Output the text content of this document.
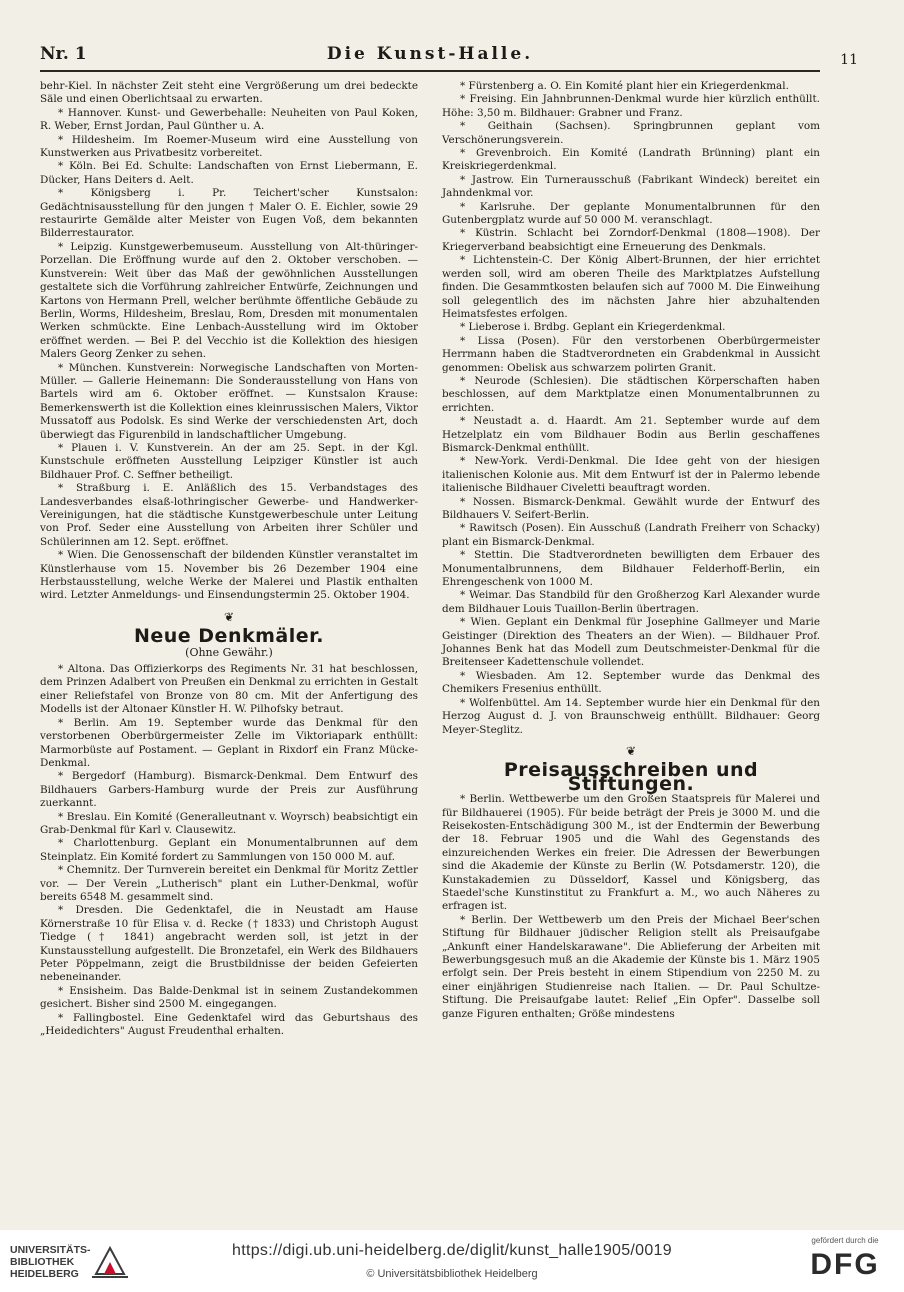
Nr. 1	Die Kunst-Halle.	11

behr-Kiel. In nächster Zeit steht eine Vergrößerung um drei bedeckte Säle und einen Oberlichtsaal zu erwarten.

* Hannover. Kunst- und Gewerbehalle: Neuheiten von Paul Koken, R. Weber, Ernst Jordan, Paul Günther u. A.

* Hildesheim. Im Roemer-Museum wird eine Ausstellung von Kunstwerken aus Privatbesitz vorbereitet.

* Köln. Bei Ed. Schulte: Landschaften von Ernst Liebermann, E. Dücker, Hans Deiters d. Aelt.

* Königsberg i. Pr. Teichert'scher Kunstsalon: Gedächtnisausstellung für den jungen † Maler O. E. Eichler, sowie 29 restaurirte Gemälde alter Meister von Eugen Voß, dem bekannten Bilderrestaurator.

* Leipzig. Kunstgewerbemuseum. Ausstellung von Alt-thüringer-Porzellan. Die Eröffnung wurde auf den 2. Oktober verschoben. — Kunstverein: Weit über das Maß der gewöhnlichen Ausstellungen gestaltete sich die Vorführung zahlreicher Entwürfe, Zeichnungen und Kartons von Hermann Prell, welcher berühmte öffentliche Gebäude zu Berlin, Worms, Hildesheim, Breslau, Rom, Dresden mit monumentalen Werken schmückte. Eine Lenbach-Ausstellung wird im Oktober eröffnet werden. — Bei P. del Vecchio ist die Kollektion des hiesigen Malers Georg Zenker zu sehen.

* München. Kunstverein: Norwegische Landschaften von Morten-Müller. — Gallerie Heinemann: Die Sonderausstellung von Hans von Bartels wird am 6. Oktober eröffnet. — Kunstsalon Krause: Bemerkenswerth ist die Kollektion eines kleinrussischen Malers, Viktor Mussatoff aus Podolsk. Es sind Werke der verschiedensten Art, doch überwiegt das Figurenbild in landschaftlicher Umgebung.

* Plauen i. V. Kunstverein. An der am 25. Sept. in der Kgl. Kunstschule eröffneten Ausstellung Leipziger Künstler ist auch Bildhauer Prof. C. Seffner betheiligt.

* Straßburg i. E. Anläßlich des 15. Verbandstages des Landesverbandes elsaß-lothringischer Gewerbe- und Handwerker-Vereinigungen, hat die städtische Kunstgewerbeschule unter Leitung von Prof. Seder eine Ausstellung von Arbeiten ihrer Schüler und Schülerinnen am 12. Sept. eröffnet.

* Wien. Die Genossenschaft der bildenden Künstler veranstaltet im Künstlerhause vom 15. November bis 26 Dezember 1904 eine Herbstausstellung, welche Werke der Malerei und Plastik enthalten wird. Letzter Anmeldungs- und Einsendungstermin 25. Oktober 1904.

❦
Neue Denkmäler.
(Ohne Gewähr.)

* Altona. Das Offizierkorps des Regiments Nr. 31 hat beschlossen, dem Prinzen Adalbert von Preußen ein Denkmal zu errichten in Gestalt einer Reliefstafel von Bronze von 80 cm. Mit der Anfertigung des Modells ist der Altonaer Künstler H. W. Pilhofsky betraut.

* Berlin. Am 19. September wurde das Denkmal für den verstorbenen Oberbürgermeister Zelle im Viktoriapark enthüllt: Marmorbüste auf Postament. — Geplant in Rixdorf ein Franz Mücke-Denkmal.

* Bergedorf (Hamburg). Bismarck-Denkmal. Dem Entwurf des Bildhauers Garbers-Hamburg wurde der Preis zur Ausführung zuerkannt.

* Breslau. Ein Komité (Generalleutnant v. Woyrsch) beabsichtigt ein Grab-Denkmal für Karl v. Clausewitz.

* Charlottenburg. Geplant ein Monumentalbrunnen auf dem Steinplatz. Ein Komité fordert zu Sammlungen von 150 000 M. auf.

* Chemnitz. Der Turnverein bereitet ein Denkmal für Moritz Zettler vor. — Der Verein „Lutherisch" plant ein Luther-Denkmal, wofür bereits 6548 M. gesammelt sind.

* Dresden. Die Gedenktafel, die in Neustadt am Hause Körnerstraße 10 für Elisa v. d. Recke († 1833) und Christoph August Tiedge († 1841) angebracht werden soll, ist jetzt in der Kunstausstellung aufgestellt. Die Bronzetafel, ein Werk des Bildhauers Peter Pöppelmann, zeigt die Brustbildnisse der beiden Gefeierten nebeneinander.

* Ensisheim. Das Balde-Denkmal ist in seinem Zustandekommen gesichert. Bisher sind 2500 M. eingegangen.

* Fallingbostel. Eine Gedenktafel wird das Geburtshaus des „Heidedichters" August Freudenthal erhalten.

* Fürstenberg a. O. Ein Komité plant hier ein Kriegerdenkmal.

* Freising. Ein Jahnbrunnen-Denkmal wurde hier kürzlich enthüllt. Höhe: 3,50 m. Bildhauer: Grabner und Franz.

* Geithain (Sachsen). Springbrunnen geplant vom Verschönerungsverein.

* Grevenbroich. Ein Komité (Landrath Brünning) plant ein Kreiskriegerdenkmal.

* Jastrow. Ein Turnerausschuß (Fabrikant Windeck) bereitet ein Jahndenkmal vor.

* Karlsruhe. Der geplante Monumentalbrunnen für den Gutenbergplatz wurde auf 50 000 M. veranschlagt.

* Küstrin. Schlacht bei Zorndorf-Denkmal (1808—1908). Der Kriegerverband beabsichtigt eine Erneuerung des Denkmals.

* Lichtenstein-C. Der König Albert-Brunnen, der hier errichtet werden soll, wird am oberen Theile des Marktplatzes Aufstellung finden. Die Gesammtkosten belaufen sich auf 7000 M. Die Einweihung soll gelegentlich des im nächsten Jahre hier abzuhaltenden Heimatsfestes erfolgen.

* Lieberose i. Brdbg. Geplant ein Kriegerdenkmal.

* Lissa (Posen). Für den verstorbenen Oberbürgermeister Herrmann haben die Stadtverordneten ein Grabdenkmal in Aussicht genommen: Obelisk aus schwarzem polirten Granit.

* Neurode (Schlesien). Die städtischen Körperschaften haben beschlossen, auf dem Marktplatze einen Monumentalbrunnen zu errichten.

* Neustadt a. d. Haardt. Am 21. September wurde auf dem Hetzelplatz ein vom Bildhauer Bodin aus Berlin geschaffenes Bismarck-Denkmal enthüllt.

* New-York. Verdi-Denkmal. Die Idee geht von der hiesigen italienischen Kolonie aus. Mit dem Entwurf ist der in Palermo lebende italienische Bildhauer Civeletti beauftragt worden.

* Nossen. Bismarck-Denkmal. Gewählt wurde der Entwurf des Bildhauers V. Seifert-Berlin.

* Rawitsch (Posen). Ein Ausschuß (Landrath Freiherr von Schacky) plant ein Bismarck-Denkmal.

* Stettin. Die Stadtverordneten bewilligten dem Erbauer des Monumentalbrunnens, dem Bildhauer Felderhoff-Berlin, ein Ehrengeschenk von 1000 M.

* Weimar. Das Standbild für den Großherzog Karl Alexander wurde dem Bildhauer Louis Tuaillon-Berlin übertragen.

* Wien. Geplant ein Denkmal für Josephine Gallmeyer und Marie Geistinger (Direktion des Theaters an der Wien). — Bildhauer Prof. Johannes Benk hat das Modell zum Deutschmeister-Denkmal für die Breitenseer Kadettenschule vollendet.

* Wiesbaden. Am 12. September wurde das Denkmal des Chemikers Fresenius enthüllt.

* Wolfenbüttel. Am 14. September wurde hier ein Denkmal für den Herzog August d. J. von Braunschweig enthüllt. Bildhauer: Georg Meyer-Steglitz.

❦
Preisausschreiben und Stiftungen.

* Berlin. Wettbewerbe um den Großen Staatspreis für Malerei und für Bildhauerei (1905). Für beide beträgt der Preis je 3000 M. und die Reisekosten-Entschädigung 300 M., ist der Endtermin der Bewerbung der 18. Februar 1905 und die Wahl des Gegenstands des einzureichenden Werkes ein freier. Die Adressen der Bewerbungen sind die Akademie der Künste zu Berlin (W. Potsdamerstr. 120), die Kunstakademien zu Düsseldorf, Kassel und Königsberg, das Staedel'sche Kunstinstitut zu Frankfurt a. M., wo auch Näheres zu erfragen ist.

* Berlin. Der Wettbewerb um den Preis der Michael Beer'schen Stiftung für Bildhauer jüdischer Religion stellt als Preisaufgabe „Ankunft einer Handelskarawane". Die Ablieferung der Arbeiten mit Bewerbungsgesuch muß an die Akademie der Künste bis 1. März 1905 erfolgt sein. Der Preis besteht in einem Stipendium von 2250 M. zu einer einjährigen Studienreise nach Italien. — Dr. Paul Schultze-Stiftung. Die Preisaufgabe lautet: Relief „Ein Opfer". Dasselbe soll ganze Figuren enthalten; Größe mindestens

UNIVERSITÄTS-
BIBLIOTHEK
HEIDELBERG
https://digi.ub.uni-heidelberg.de/diglit/kunst_halle1905/0019
© Universitätsbibliothek Heidelberg
gefördert durch die
DFG
